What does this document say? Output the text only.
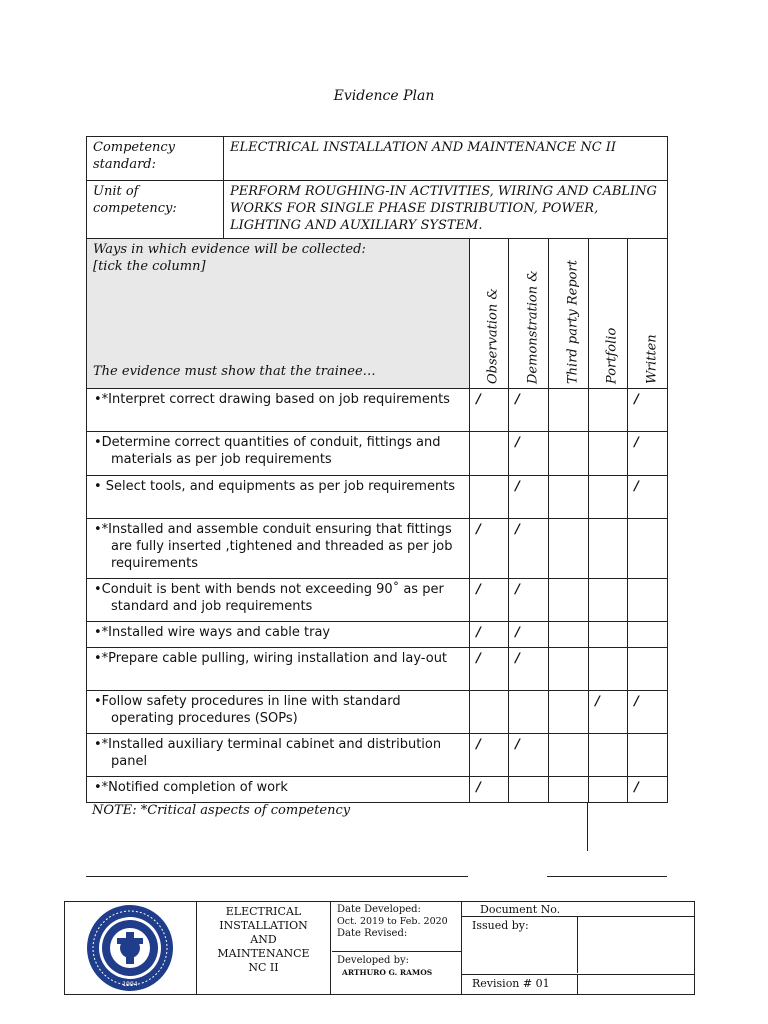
Evidence Plan
Competency standard:	ELECTRICAL INSTALLATION AND MAINTENANCE NC II					
Unit of competency:	PERFORM ROUGHING-IN ACTIVITIES, WIRING AND CABLING WORKS FOR SINGLE PHASE DISTRIBUTION, POWER, LIGHTING AND AUXILIARY SYSTEM.					

Ways in which evidence will be collected:
[tick the column]
The evidence must show that the trainee…		Observation &	Demonstration &	Third party Report	Portfolio	Written

•*Interpret correct drawing based on job requirements		/	/			/
•Determine correct quantities of conduit, fittings and materials as per job requirements			/			/
• Select tools, and equipments as per job requirements			/			/
•*Installed and assemble conduit ensuring that fittings are fully inserted ,tightened and threaded as per job requirements		/	/			
•Conduit is bent with bends not exceeding 90˚ as per standard and job requirements		/	/			
•*Installed wire ways and cable tray		/	/			
•*Prepare cable pulling, wiring installation and lay-out		/	/			
•Follow safety procedures in line with standard operating procedures (SOPs)					/	/
•*Installed auxiliary terminal cabinet and distribution panel		/	/			
•*Notified completion of work		/				/
NOTE: *Critical aspects of competency
1994
ELECTRICAL
INSTALLATION
AND
MAINTENANCE
NC II
Date Developed:
Oct. 2019 to Feb. 2020
Date Revised:
Developed by:
ARTHURO G. RAMOS
Document No.
Issued by:
Revision # 01
